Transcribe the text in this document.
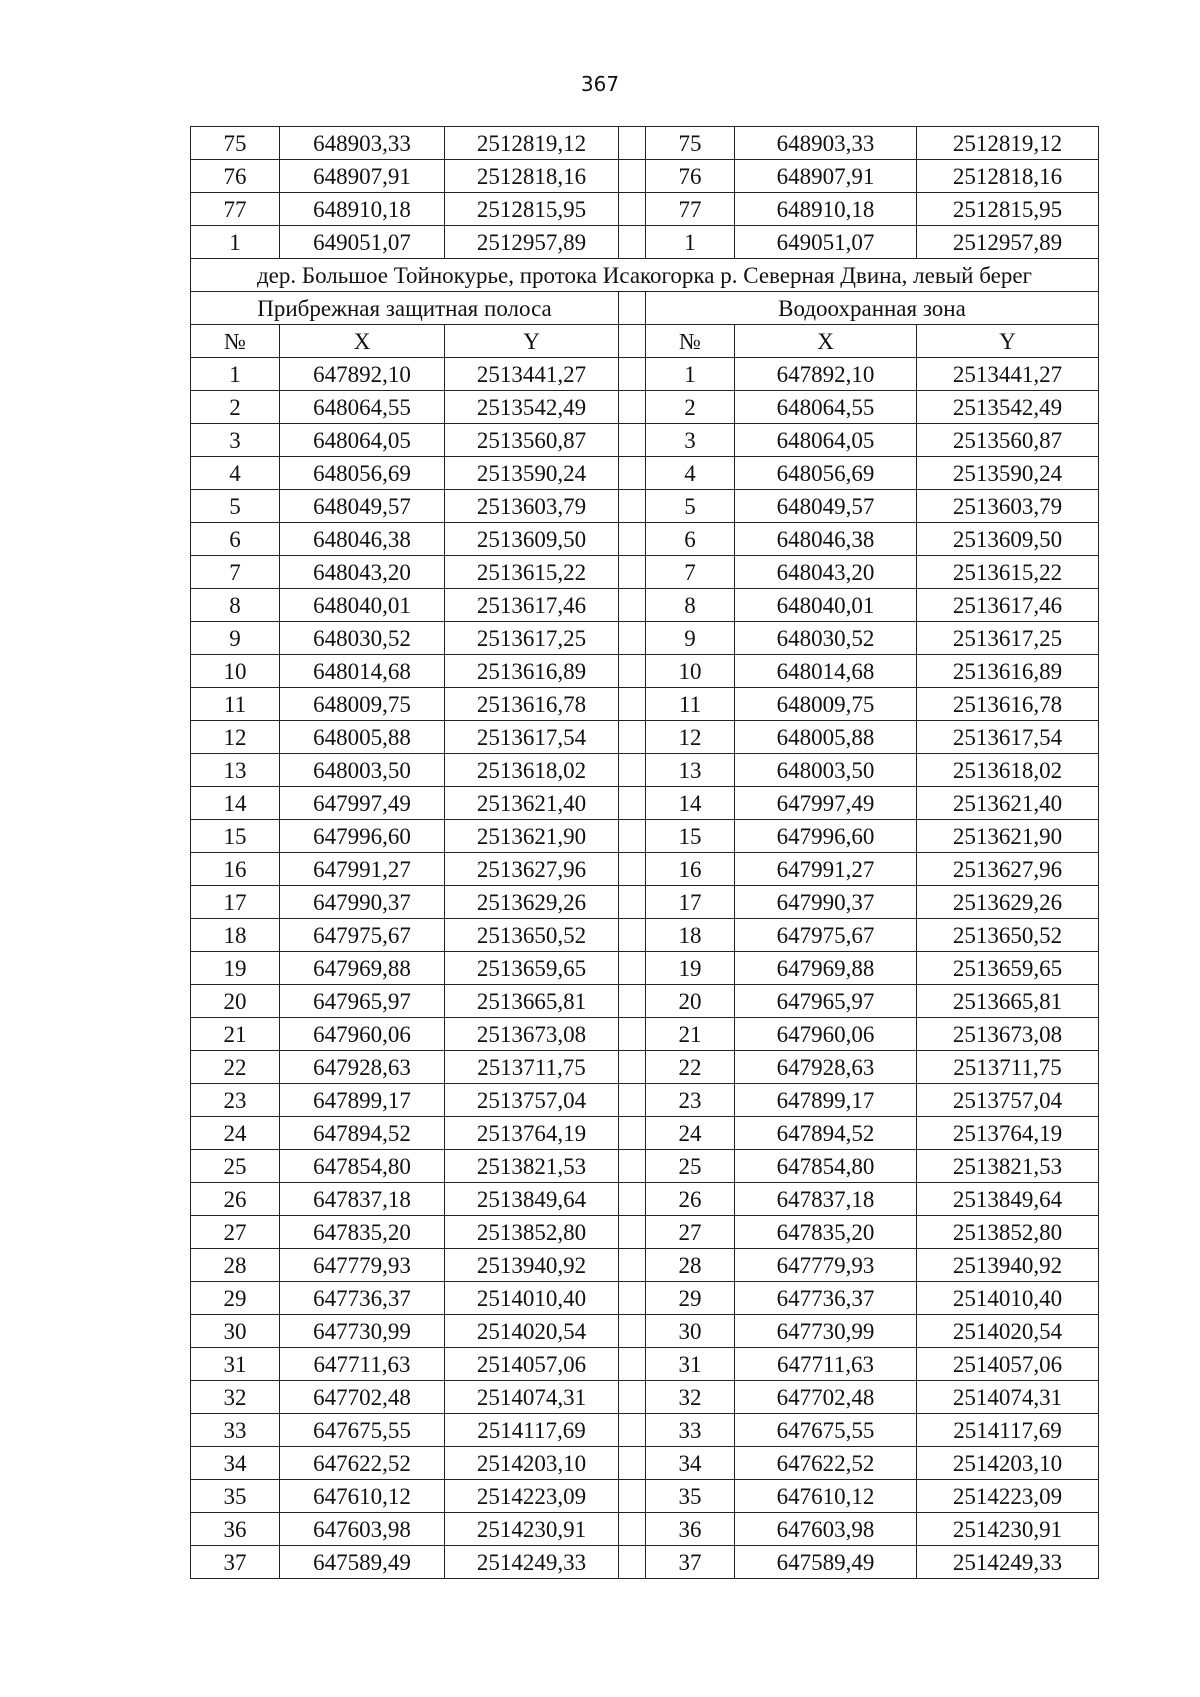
367
75	648903,33	2512819,12		75	648903,33	2512819,12
76	648907,91	2512818,16		76	648907,91	2512818,16
77	648910,18	2512815,95		77	648910,18	2512815,95
1	649051,07	2512957,89		1	649051,07	2512957,89
дер. Большое Тойнокурье, протока Исакогорка р. Северная Двина, левый берег						
Прибрежная защитная полоса				Водоохранная зона		
№	X	Y		№	X	Y
1	647892,10	2513441,27		1	647892,10	2513441,27
2	648064,55	2513542,49		2	648064,55	2513542,49
3	648064,05	2513560,87		3	648064,05	2513560,87
4	648056,69	2513590,24		4	648056,69	2513590,24
5	648049,57	2513603,79		5	648049,57	2513603,79
6	648046,38	2513609,50		6	648046,38	2513609,50
7	648043,20	2513615,22		7	648043,20	2513615,22
8	648040,01	2513617,46		8	648040,01	2513617,46
9	648030,52	2513617,25		9	648030,52	2513617,25
10	648014,68	2513616,89		10	648014,68	2513616,89
11	648009,75	2513616,78		11	648009,75	2513616,78
12	648005,88	2513617,54		12	648005,88	2513617,54
13	648003,50	2513618,02		13	648003,50	2513618,02
14	647997,49	2513621,40		14	647997,49	2513621,40
15	647996,60	2513621,90		15	647996,60	2513621,90
16	647991,27	2513627,96		16	647991,27	2513627,96
17	647990,37	2513629,26		17	647990,37	2513629,26
18	647975,67	2513650,52		18	647975,67	2513650,52
19	647969,88	2513659,65		19	647969,88	2513659,65
20	647965,97	2513665,81		20	647965,97	2513665,81
21	647960,06	2513673,08		21	647960,06	2513673,08
22	647928,63	2513711,75		22	647928,63	2513711,75
23	647899,17	2513757,04		23	647899,17	2513757,04
24	647894,52	2513764,19		24	647894,52	2513764,19
25	647854,80	2513821,53		25	647854,80	2513821,53
26	647837,18	2513849,64		26	647837,18	2513849,64
27	647835,20	2513852,80		27	647835,20	2513852,80
28	647779,93	2513940,92		28	647779,93	2513940,92
29	647736,37	2514010,40		29	647736,37	2514010,40
30	647730,99	2514020,54		30	647730,99	2514020,54
31	647711,63	2514057,06		31	647711,63	2514057,06
32	647702,48	2514074,31		32	647702,48	2514074,31
33	647675,55	2514117,69		33	647675,55	2514117,69
34	647622,52	2514203,10		34	647622,52	2514203,10
35	647610,12	2514223,09		35	647610,12	2514223,09
36	647603,98	2514230,91		36	647603,98	2514230,91
37	647589,49	2514249,33		37	647589,49	2514249,33
